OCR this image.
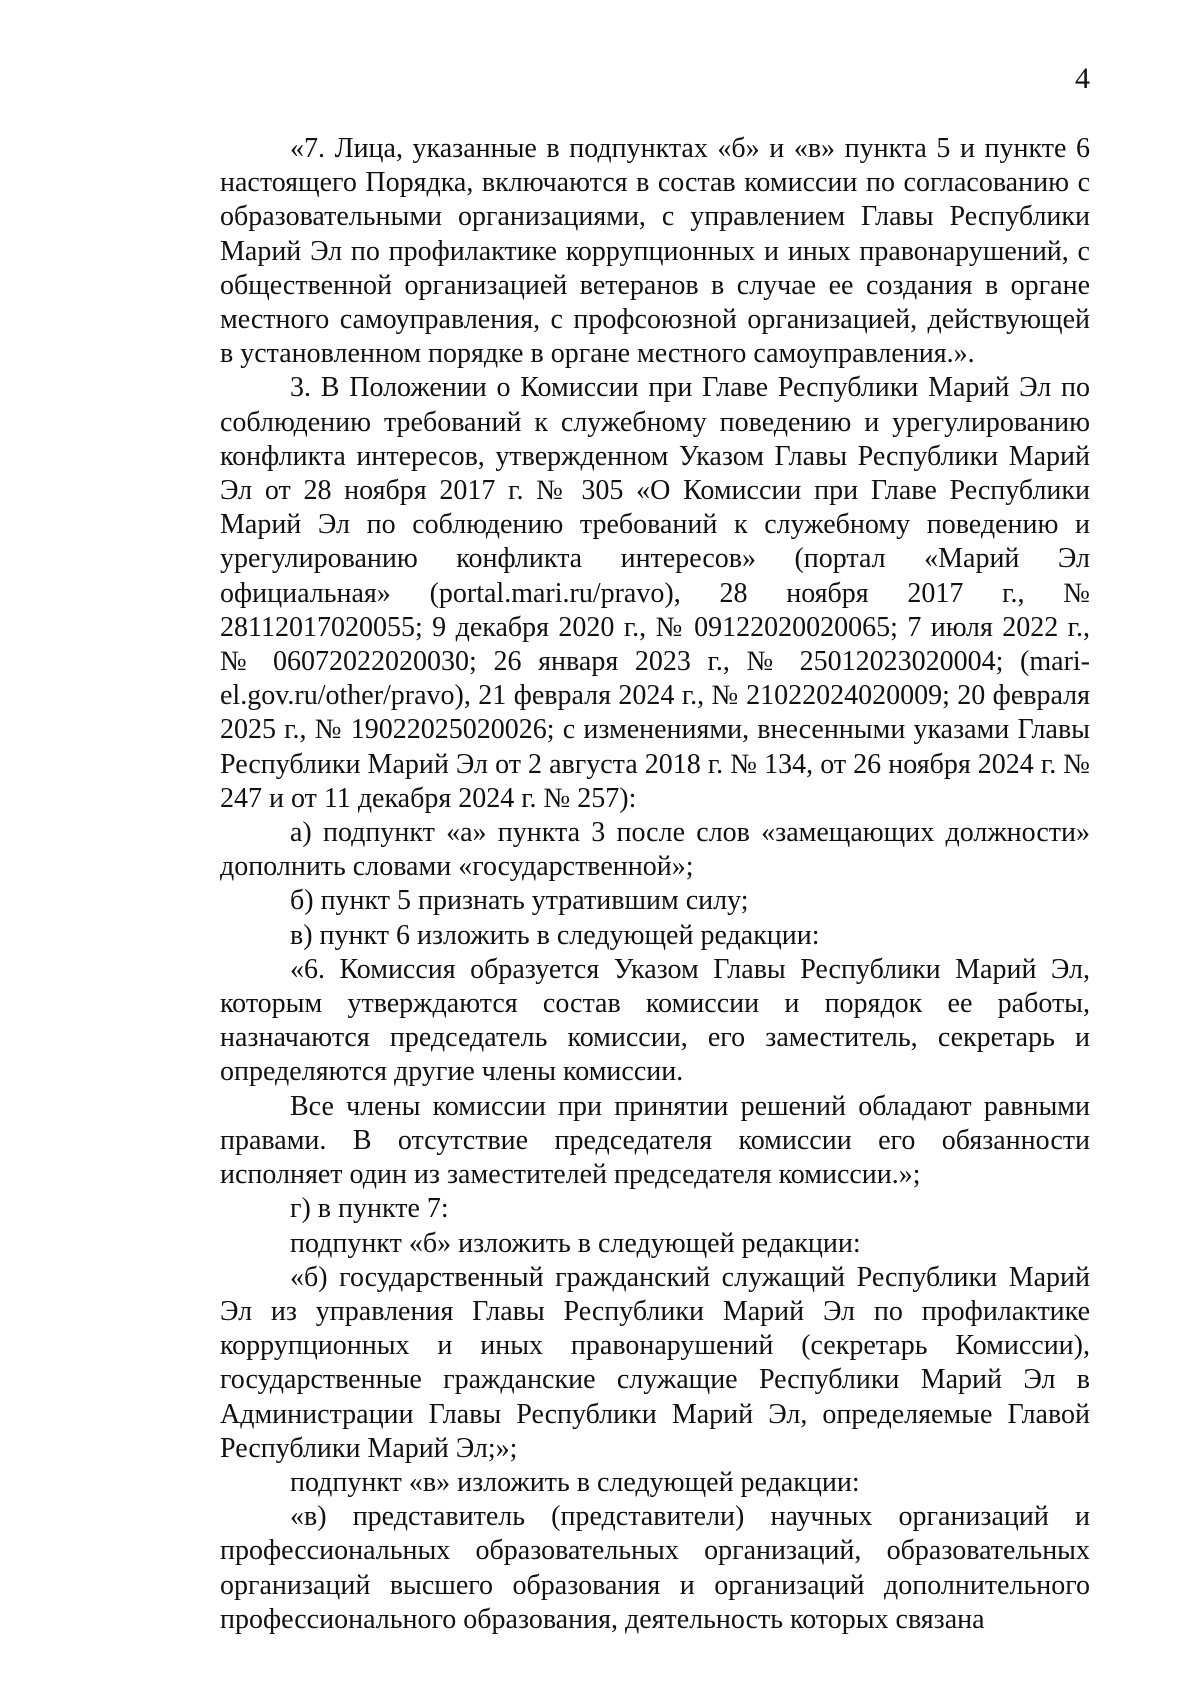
4

«7. Лица, указанные в подпунктах «б» и «в» пункта 5 и пункте 6 настоящего Порядка, включаются в состав комиссии по согласованию с образовательными организациями, с управлением Главы Республики Марий Эл по профилактике коррупционных и иных правонарушений, с общественной организацией ветеранов в случае ее создания в органе местного самоуправления, с профсоюзной организацией, действующей в установленном порядке в органе местного самоуправления.».

3. В Положении о Комиссии при Главе Республики Марий Эл по соблюдению требований к служебному поведению и урегулированию конфликта интересов, утвержденном Указом Главы Республики Марий Эл от 28 ноября 2017 г. № 305 «О Комиссии при Главе Республики Марий Эл по соблюдению требований к служебному поведению и урегулированию конфликта интересов» (портал «Марий Эл официальная» (portal.mari.ru/pravo), 28 ноября 2017 г., № 28112017020055; 9 декабря 2020 г., № 09122020020065; 7 июля 2022 г., № 06072022020030; 26 января 2023 г., № 25012023020004; (mari-el.gov.ru/other/pravo), 21 февраля 2024 г., № 21022024020009; 20 февраля 2025 г., № 19022025020026; с изменениями, внесенными указами Главы Республики Марий Эл от 2 августа 2018 г. № 134, от 26 ноября 2024 г. № 247 и от 11 декабря 2024 г. № 257):

а) подпункт «а» пункта 3 после слов «замещающих должности» дополнить словами «государственной»;

б) пункт 5 признать утратившим силу;

в) пункт 6 изложить в следующей редакции:

«6. Комиссия образуется Указом Главы Республики Марий Эл, которым утверждаются состав комиссии и порядок ее работы, назначаются председатель комиссии, его заместитель, секретарь и определяются другие члены комиссии.

Все члены комиссии при принятии решений обладают равными правами. В отсутствие председателя комиссии его обязанности исполняет один из заместителей председателя комиссии.»;

г) в пункте 7:

подпункт «б» изложить в следующей редакции:

«б) государственный гражданский служащий Республики Марий Эл из управления Главы Республики Марий Эл по профилактике коррупционных и иных правонарушений (секретарь Комиссии), государственные гражданские служащие Республики Марий Эл в Администрации Главы Республики Марий Эл, определяемые Главой Республики Марий Эл;»;

подпункт «в» изложить в следующей редакции:

«в) представитель (представители) научных организаций и профессиональных образовательных организаций, образовательных организаций высшего образования и организаций дополнительного профессионального образования, деятельность которых связана
